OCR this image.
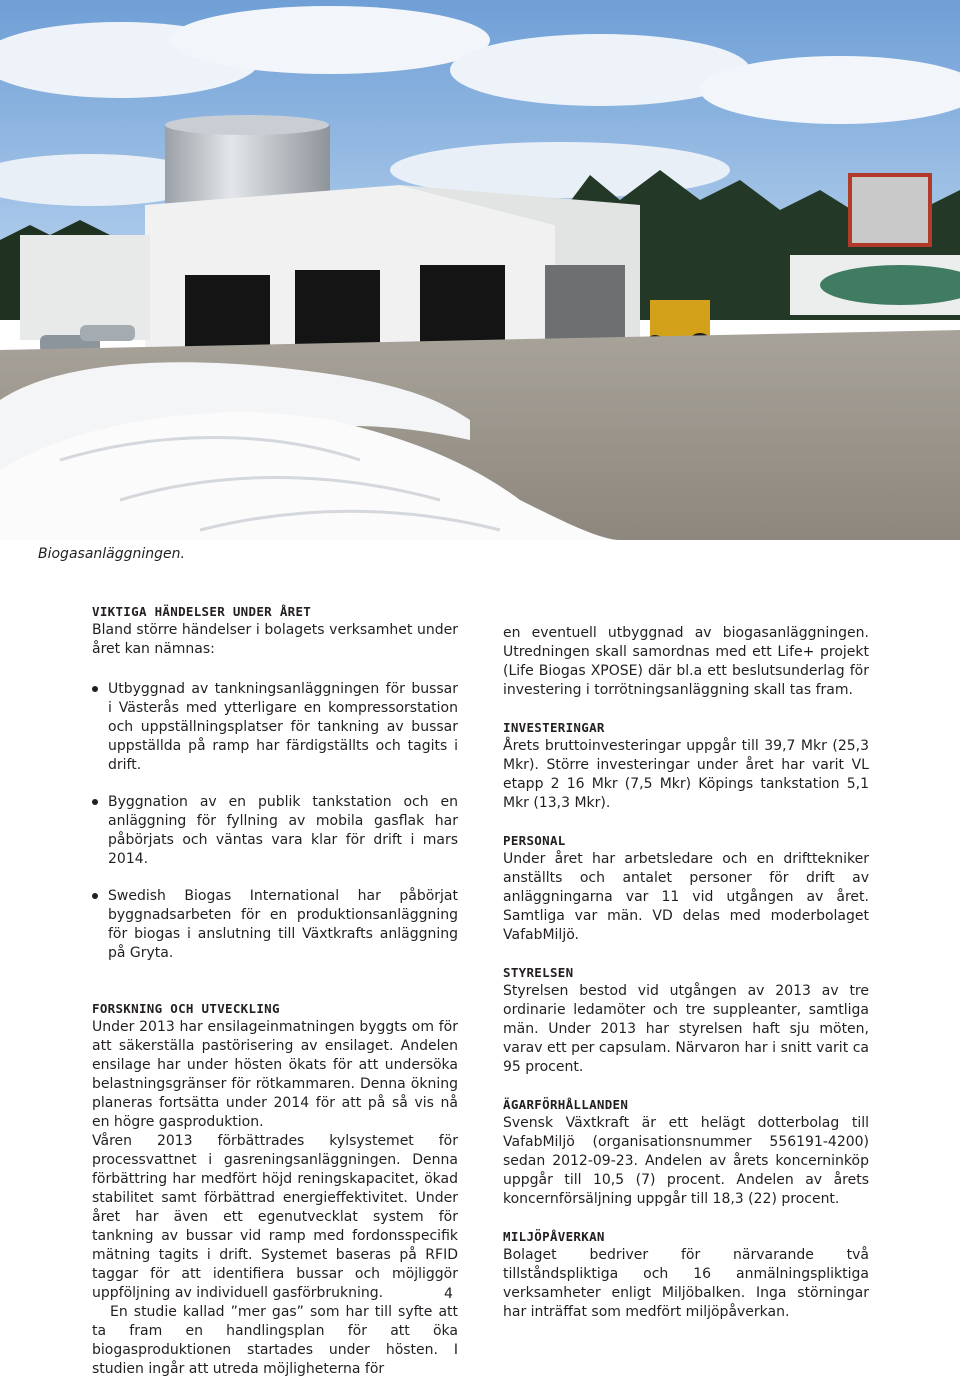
Biogasanläggningen.

VIKTIGA HÄNDELSER UNDER ÅRET

Bland större händelser i bolagets verksamhet under året kan nämnas:

Utbyggnad av tankningsanläggningen för bussar i Västerås med ytterligare en kompressorstation och uppställningsplatser för tankning av bussar uppställda på ramp har färdigställts och tagits i drift.
Byggnation av en publik tankstation och en anläggning för fyllning av mobila gasflak har påbörjats och väntas vara klar för drift i mars 2014.
Swedish Biogas International har påbörjat byggnadsarbeten för en produktionsanläggning för biogas i anslutning till Växtkrafts anläggning på Gryta.

FORSKNING OCH UTVECKLING

Under 2013 har ensilageinmatningen byggts om för att säkerställa pastörisering av ensilaget. Andelen ensilage har under hösten ökats för att undersöka belastningsgränser för rötkammaren. Denna ökning planeras fortsätta under 2014 för att på så vis nå en högre gasproduktion.

Våren 2013 förbättrades kylsystemet för processvattnet i gasreningsanläggningen. Denna förbättring har medfört höjd reningskapacitet, ökad stabilitet samt förbättrad energieffektivitet. Under året har även ett egenutvecklat system för tankning av bussar vid ramp med fordonsspecifik mätning tagits i drift. Systemet baseras på RFID taggar för att identifiera bussar och möjliggör uppföljning av individuell gasförbrukning.

En studie kallad ”mer gas” som har till syfte att ta fram en handlingsplan för att öka biogasproduktionen startades under hösten. I studien ingår att utreda möjligheterna för

en eventuell utbyggnad av biogasanläggningen. Utredningen skall samordnas med ett Life+ projekt (Life Biogas XPOSE) där bl.a ett beslutsunderlag för investering i torrötningsanläggning skall tas fram.

INVESTERINGAR

Årets bruttoinvesteringar uppgår till 39,7 Mkr (25,3 Mkr). Större investeringar under året har varit VL etapp 2 16 Mkr (7,5 Mkr) Köpings tankstation 5,1 Mkr (13,3 Mkr).

PERSONAL

Under året har arbetsledare och en drifttekniker anställts och antalet personer för drift av anläggningarna var 11 vid utgången av året. Samtliga var män. VD delas med moderbolaget VafabMiljö.

STYRELSEN

Styrelsen bestod vid utgången av 2013 av tre ordinarie ledamöter och tre suppleanter, samtliga män. Under 2013 har styrelsen haft sju möten, varav ett per capsulam. Närvaron har i snitt varit ca 95 procent.

ÄGARFÖRHÅLLANDEN

Svensk Växtkraft är ett helägt dotterbolag till VafabMiljö (organisationsnummer 556191-4200) sedan 2012-09-23. Andelen av årets koncerninköp uppgår till 10,5 (7) procent. Andelen av årets koncernförsäljning uppgår till 18,3 (22) procent.

MILJÖPÅVERKAN

Bolaget bedriver för närvarande två tillståndspliktiga och 16 anmälningspliktiga verksamheter enligt Miljöbalken. Inga störningar har inträffat som medfört miljöpåverkan.

4
